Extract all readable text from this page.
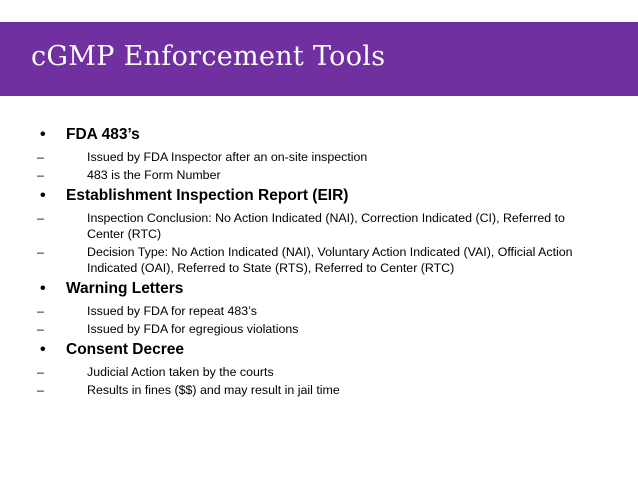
cGMP Enforcement Tools
• FDA 483’s
–	Issued by FDA Inspector after an on-site inspection
–	483 is the Form Number
• Establishment Inspection Report (EIR)
–	Inspection Conclusion: No Action Indicated (NAI), Correction Indicated (CI), Referred to Center (RTC)
–	Decision Type: No Action Indicated (NAI), Voluntary Action Indicated (VAI), Official Action Indicated (OAI), Referred to State (RTS), Referred to Center (RTC)
• Warning Letters
–	Issued by FDA for repeat 483’s
–	Issued by FDA for egregious violations
• Consent Decree
–	Judicial Action taken by the courts
–	Results in fines ($$) and may result in jail time
